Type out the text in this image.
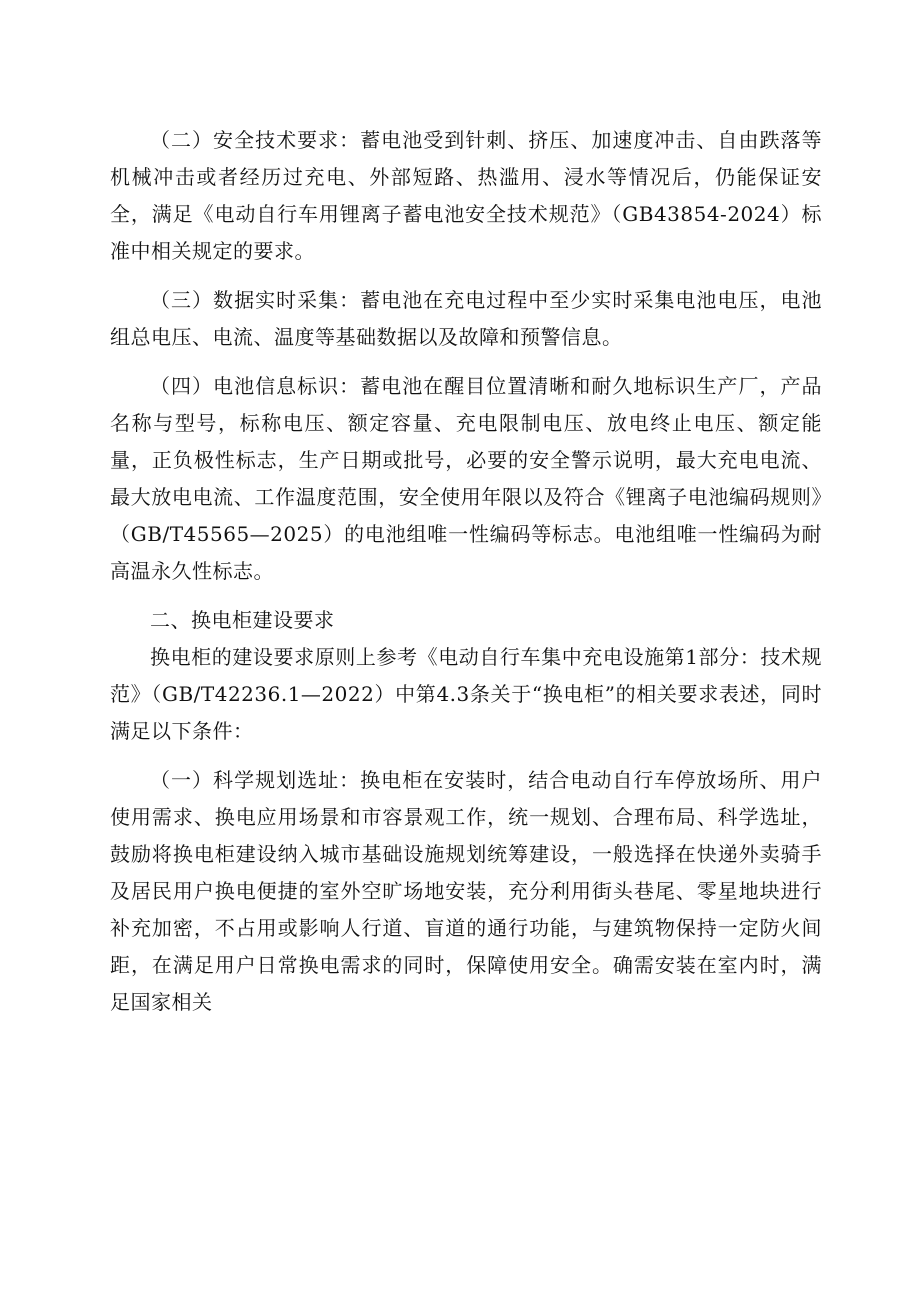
（二）安全技术要求：蓄电池受到针刺、挤压、加速度冲击、自由跌落等机械冲击或者经历过充电、外部短路、热滥用、浸水等情况后，仍能保证安全，满足《电动自行车用锂离子蓄电池安全技术规范》（GB43854-2024）标准中相关规定的要求。

（三）数据实时采集：蓄电池在充电过程中至少实时采集电池电压，电池组总电压、电流、温度等基础数据以及故障和预警信息。

（四）电池信息标识：蓄电池在醒目位置清晰和耐久地标识生产厂，产品名称与型号，标称电压、额定容量、充电限制电压、放电终止电压、额定能量，正负极性标志，生产日期或批号，必要的安全警示说明，最大充电电流、最大放电电流、工作温度范围，安全使用年限以及符合《锂离子电池编码规则》（GB/T45565—2025）的电池组唯一性编码等标志。电池组唯一性编码为耐高温永久性标志。

二、换电柜建设要求

换电柜的建设要求原则上参考《电动自行车集中充电设施第1部分：技术规范》（GB/T42236.1—2022）中第4.3条关于“换电柜”的相关要求表述，同时满足以下条件：

（一）科学规划选址：换电柜在安装时，结合电动自行车停放场所、用户使用需求、换电应用场景和市容景观工作，统一规划、合理布局、科学选址，鼓励将换电柜建设纳入城市基础设施规划统筹建设，一般选择在快递外卖骑手及居民用户换电便捷的室外空旷场地安装，充分利用街头巷尾、零星地块进行补充加密，不占用或影响人行道、盲道的通行功能，与建筑物保持一定防火间距，在满足用户日常换电需求的同时，保障使用安全。确需安装在室内时，满足国家相关
